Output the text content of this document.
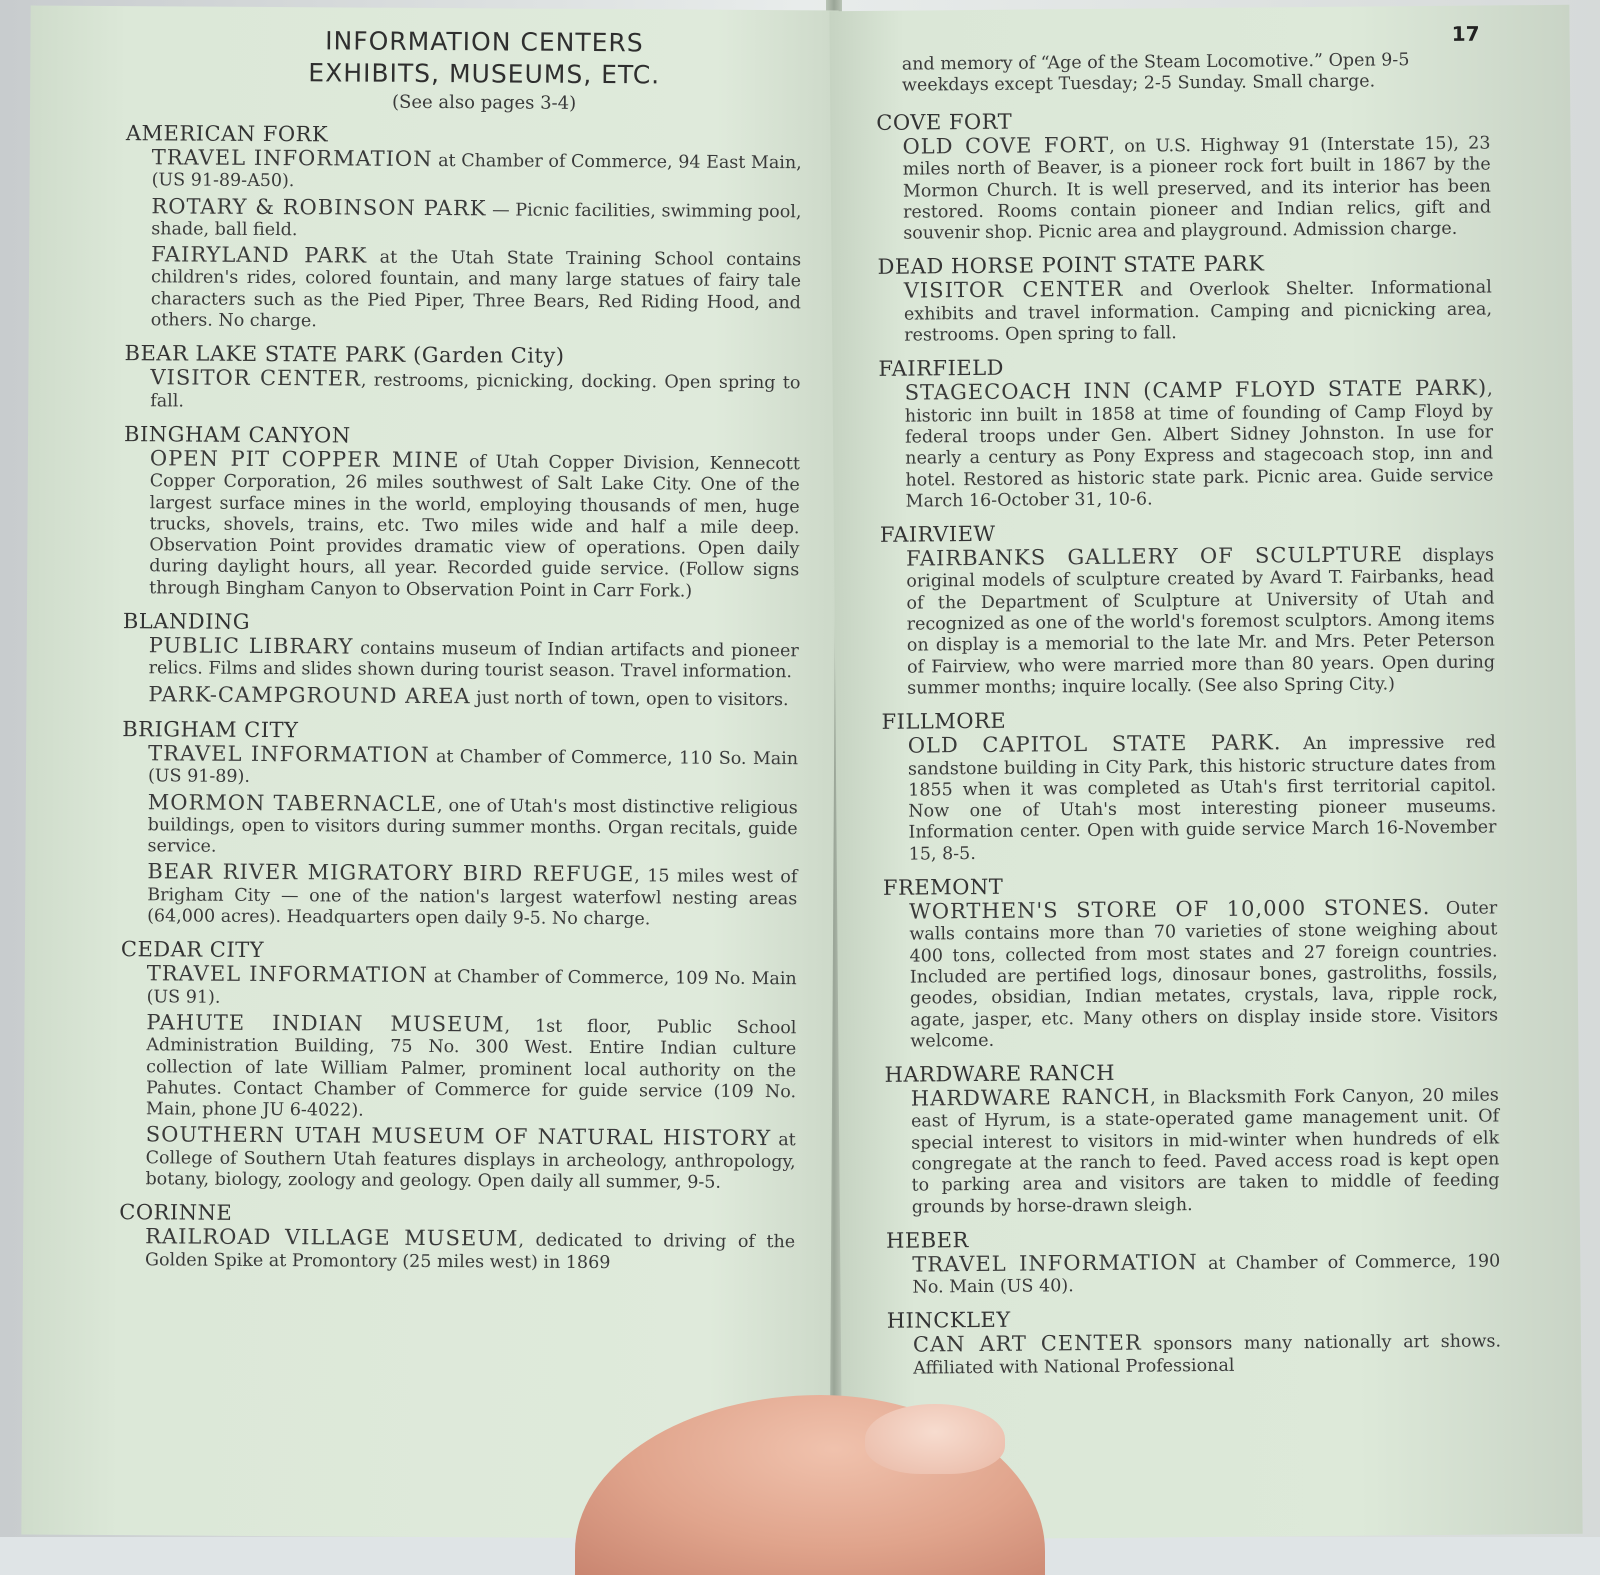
INFORMATION CENTERS
EXHIBITS, MUSEUMS, ETC.
(See also pages 3-4)
AMERICAN FORK
TRAVEL INFORMATION at Chamber of Commerce, 94 East Main, (US 91-89-A50).
ROTARY & ROBINSON PARK — Picnic facilities, swimming pool, shade, ball field.
FAIRYLAND PARK at the Utah State Training School contains children's rides, colored fountain, and many large statues of fairy tale characters such as the Pied Piper, Three Bears, Red Riding Hood, and others. No charge.
BEAR LAKE STATE PARK (Garden City)
VISITOR CENTER, restrooms, picnicking, docking. Open spring to fall.
BINGHAM CANYON
OPEN PIT COPPER MINE of Utah Copper Division, Kennecott Copper Corporation, 26 miles southwest of Salt Lake City. One of the largest surface mines in the world, employing thousands of men, huge trucks, shovels, trains, etc. Two miles wide and half a mile deep. Observation Point provides dramatic view of operations. Open daily during daylight hours, all year. Recorded guide service. (Follow signs through Bingham Canyon to Observation Point in Carr Fork.)
BLANDING
PUBLIC LIBRARY contains museum of Indian artifacts and pioneer relics. Films and slides shown during tourist season. Travel information.
PARK-CAMPGROUND AREA just north of town, open to visitors.
BRIGHAM CITY
TRAVEL INFORMATION at Chamber of Commerce, 110 So. Main (US 91-89).
MORMON TABERNACLE, one of Utah's most distinctive religious buildings, open to visitors during summer months. Organ recitals, guide service.
BEAR RIVER MIGRATORY BIRD REFUGE, 15 miles west of Brigham City — one of the nation's largest waterfowl nesting areas (64,000 acres). Headquarters open daily 9-5. No charge.
CEDAR CITY
TRAVEL INFORMATION at Chamber of Commerce, 109 No. Main (US 91).
PAHUTE INDIAN MUSEUM, 1st floor, Public School Administration Building, 75 No. 300 West. Entire Indian culture collection of late William Palmer, prominent local authority on the Pahutes. Contact Chamber of Commerce for guide service (109 No. Main, phone JU 6-4022).
SOUTHERN UTAH MUSEUM OF NATURAL HISTORY at College of Southern Utah features displays in archeology, anthropology, botany, biology, zoology and geology. Open daily all summer, 9-5.
CORINNE
RAILROAD VILLAGE MUSEUM, dedicated to driving of the Golden Spike at Promontory (25 miles west) in 1869
17
and memory of “Age of the Steam Locomotive.” Open 9-5 weekdays except Tuesday; 2-5 Sunday. Small charge.
COVE FORT
OLD COVE FORT, on U.S. Highway 91 (Interstate 15), 23 miles north of Beaver, is a pioneer rock fort built in 1867 by the Mormon Church. It is well preserved, and its interior has been restored. Rooms contain pioneer and Indian relics, gift and souvenir shop. Picnic area and playground. Admission charge.
DEAD HORSE POINT STATE PARK
VISITOR CENTER and Overlook Shelter. Informational exhibits and travel information. Camping and picnicking area, restrooms. Open spring to fall.
FAIRFIELD
STAGECOACH INN (CAMP FLOYD STATE PARK), historic inn built in 1858 at time of founding of Camp Floyd by federal troops under Gen. Albert Sidney Johnston. In use for nearly a century as Pony Express and stagecoach stop, inn and hotel. Restored as historic state park. Picnic area. Guide service March 16-October 31, 10-6.
FAIRVIEW
FAIRBANKS GALLERY OF SCULPTURE displays original models of sculpture created by Avard T. Fairbanks, head of the Department of Sculpture at University of Utah and recognized as one of the world's foremost sculptors. Among items on display is a memorial to the late Mr. and Mrs. Peter Peterson of Fairview, who were married more than 80 years. Open during summer months; inquire locally. (See also Spring City.)
FILLMORE
OLD CAPITOL STATE PARK. An impressive red sandstone building in City Park, this historic structure dates from 1855 when it was completed as Utah's first territorial capitol. Now one of Utah's most interesting pioneer museums. Information center. Open with guide service March 16-November 15, 8-5.
FREMONT
WORTHEN'S STORE OF 10,000 STONES. Outer walls contains more than 70 varieties of stone weighing about 400 tons, collected from most states and 27 foreign countries. Included are pertified logs, dinosaur bones, gastroliths, fossils, geodes, obsidian, Indian metates, crystals, lava, ripple rock, agate, jasper, etc. Many others on display inside store. Visitors welcome.
HARDWARE RANCH
HARDWARE RANCH, in Blacksmith Fork Canyon, 20 miles east of Hyrum, is a state-operated game management unit. Of special interest to visitors in mid-winter when hundreds of elk congregate at the ranch to feed. Paved access road is kept open to parking area and visitors are taken to middle of feeding grounds by horse-drawn sleigh.
HEBER
TRAVEL INFORMATION at Chamber of Commerce, 190 No. Main (US 40).
HINCKLEY
CAN ART CENTER sponsors many nationally art shows. Affiliated with National Professional
